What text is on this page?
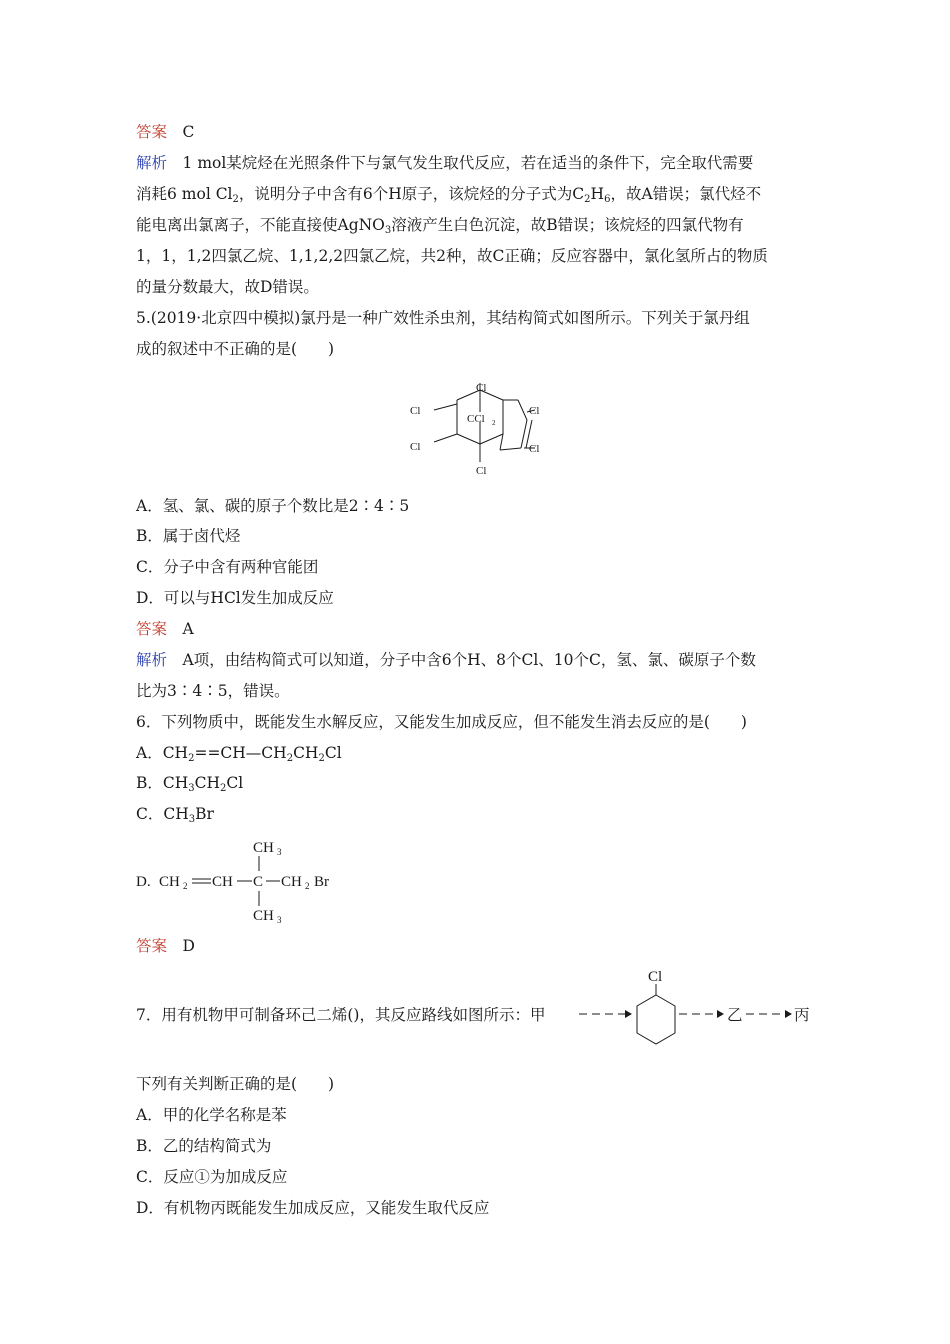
答案　 C
解析　 1 mol某烷烃在光照条件下与氯气发生取代反应，若在适当的条件下，完全取代需要
消耗6 mol $Cl_2$，说明分子中含有6个H原子，该烷烃的分子式为$C_2H_6$，故A错误；氯代烃不
能电离出氯离子，不能直接使AgNO$_3$溶液产生白色沉淀，故B错误；该烷烃的四氯代物有
1，1，1,2四氯乙烷、1,1,2,2四氯乙烷，共2种，故C正确；反应容器中，氯化氢所占的物质
的量分数最大，故D错误。
5.(2019·北京四中模拟)氯丹是一种广效性杀虫剂，其结构简式如图所示。下列关于氯丹组
成的叙述中不正确的是(　　)
Cl
Cl
Cl
Cl
Cl
Cl
CCl 2
A．氢、氯、碳的原子个数比是2∶4∶5
B．属于卤代烃
C．分子中含有两种官能团
D．可以与HCl发生加成反应
答案　 A
解析　 A项，由结构简式可以知道，分子中含6个H、8个Cl、10个C，氢、氯、碳原子个数
比为3∶4∶5，错误。
6．下列物质中，既能发生水解反应，又能发生加成反应，但不能发生消去反应的是(　　)
A．$CH_2==CH—CH_2CH_2Cl$
B．$CH_3CH_2Cl$
C．$CH_3Br$
D. CH 2 CH C CH 2 Br
CH 3
CH 3
答案　 D
7．用有机物甲可制备环己二烯()，其反应路线如图所示：甲
Cl
乙	丙
下列有关判断正确的是(　　)
A．甲的化学名称是苯
B．乙的结构简式为
C．反应①为加成反应
D．有机物丙既能发生加成反应，又能发生取代反应
